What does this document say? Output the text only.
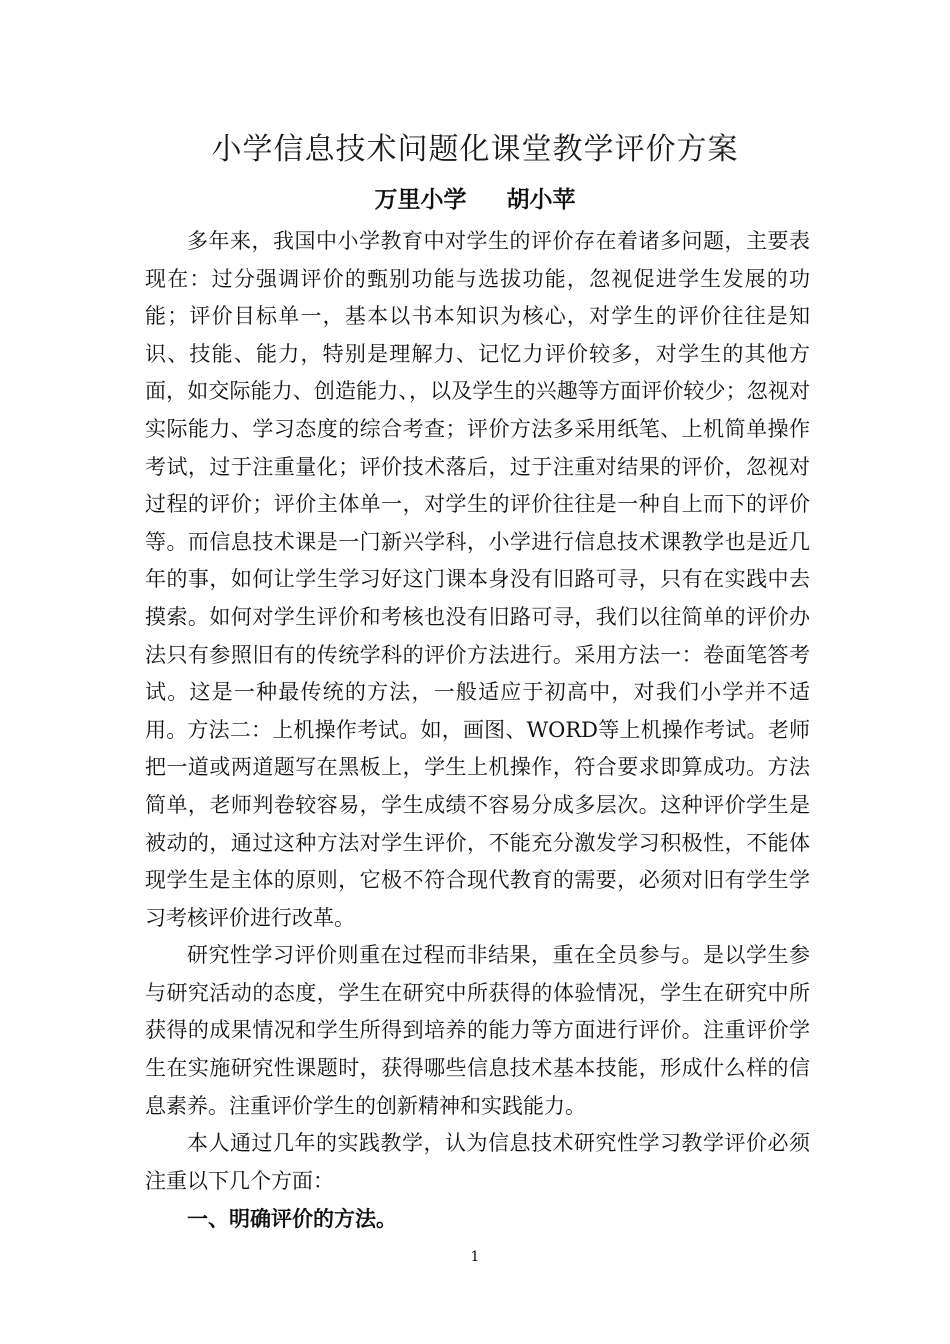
小学信息技术问题化课堂教学评价方案
万里小学 胡小苹

多年来，我国中小学教育中对学生的评价存在着诸多问题，主要表现在：过分强调评价的甄别功能与选拔功能，忽视促进学生发展的功能；评价目标单一，基本以书本知识为核心，对学生的评价往往是知识、技能、能力，特别是理解力、记忆力评价较多，对学生的其他方面，如交际能力、创造能力、，以及学生的兴趣等方面评价较少；忽视对实际能力、学习态度的综合考查；评价方法多采用纸笔、上机简单操作考试，过于注重量化；评价技术落后，过于注重对结果的评价，忽视对过程的评价；评价主体单一，对学生的评价往往是一种自上而下的评价等。而信息技术课是一门新兴学科，小学进行信息技术课教学也是近几年的事，如何让学生学习好这门课本身没有旧路可寻，只有在实践中去摸索。如何对学生评价和考核也没有旧路可寻，我们以往简单的评价办法只有参照旧有的传统学科的评价方法进行。采用方法一：卷面笔答考试。这是一种最传统的方法，一般适应于初高中，对我们小学并不适用。方法二：上机操作考试。如，画图、WORD等上机操作考试。老师把一道或两道题写在黑板上，学生上机操作，符合要求即算成功。方法简单，老师判卷较容易，学生成绩不容易分成多层次。这种评价学生是被动的，通过这种方法对学生评价，不能充分激发学习积极性，不能体现学生是主体的原则，它极不符合现代教育的需要，必须对旧有学生学习考核评价进行改革。

研究性学习评价则重在过程而非结果，重在全员参与。是以学生参与研究活动的态度，学生在研究中所获得的体验情况，学生在研究中所获得的成果情况和学生所得到培养的能力等方面进行评价。注重评价学生在实施研究性课题时，获得哪些信息技术基本技能，形成什么样的信息素养。注重评价学生的创新精神和实践能力。

本人通过几年的实践教学，认为信息技术研究性学习教学评价必须注重以下几个方面：

一、明确评价的方法。

1
